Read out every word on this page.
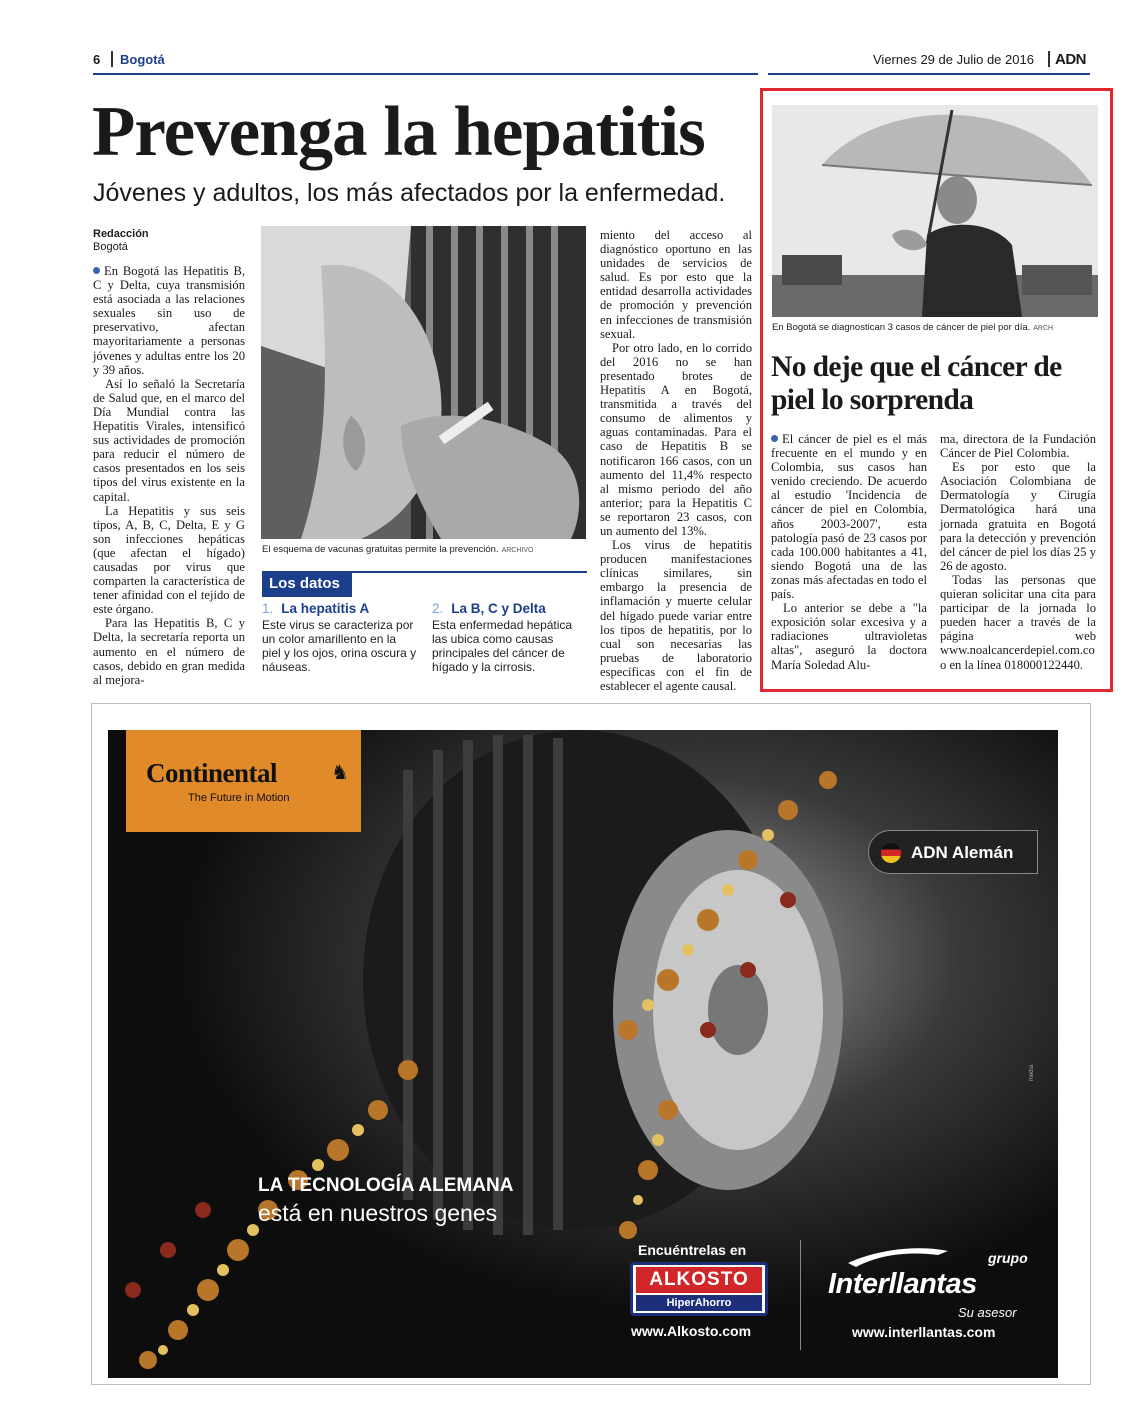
6 Bogotá	Viernes 29 de Julio de 2016 ADN
Prevenga la hepatitis
Jóvenes y adultos, los más afectados por la enfermedad.
Redacción
Bogotá

En Bogotá las Hepatitis B, C y Delta, cuya transmisión está asociada a las relaciones sexuales sin uso de preservativo, afectan mayoritariamente a personas jóvenes y adultas entre los 20 y 39 años.

Así lo señaló la Secretaría de Salud que, en el marco del Día Mundial contra las Hepatitis Virales, intensificó sus actividades de promoción para reducir el número de casos presentados en los seis tipos del virus existente en la capital.

La Hepatitis y sus seis tipos, A, B, C, Delta, E y G son infecciones hepáticas (que afectan el hígado) causadas por virus que comparten la característica de tener afinidad con el tejido de este órgano.

Para las Hepatitis B, C y Delta, la secretaría reporta un aumento en el número de casos, debido en gran medida al mejora-

El esquema de vacunas gratuitas permite la prevención. ARCHIVO
Los datos
1. La hepatitis A

Este virus se caracteriza por un color amarillento en la piel y los ojos, orina oscura y náuseas.

2. La B, C y Delta

Esta enfermedad hepática las ubica como causas principales del cáncer de hígado y la cirrosis.

miento del acceso al diagnóstico oportuno en las unidades de servicios de salud. Es por esto que la entidad desarrolla actividades de promoción y prevención en infecciones de transmisión sexual.

Por otro lado, en lo corrido del 2016 no se han presentado brotes de Hepatitis A en Bogotá, transmitida a través del consumo de alimentos y aguas contaminadas. Para el caso de Hepatitis B se notificaron 166 casos, con un aumento del 11,4% respecto al mismo periodo del año anterior; para la Hepatitis C se reportaron 23 casos, con un aumento del 13%.

Los virus de hepatitis producen manifestaciones clínicas similares, sin embargo la presencia de inflamación y muerte celular del hígado puede variar entre los tipos de hepatitis, por lo cual son necesarias las pruebas de laboratorio específicas con el fin de establecer el agente causal.

En Bogotá se diagnostican 3 casos de cáncer de piel por día. ARCH
No deje que el cáncer de piel lo sorprenda

El cáncer de piel es el más frecuente en el mundo y en Colombia, sus casos han venido creciendo. De acuerdo al estudio 'Incidencia de cáncer de piel en Colombia, años 2003-2007', esta patología pasó de 23 casos por cada 100.000 habitantes a 41, siendo Bogotá una de las zonas más afectadas en todo el país.

Lo anterior se debe a "la exposición solar excesiva y a radiaciones ultravioletas altas", aseguró la doctora María Soledad Alu-

ma, directora de la Fundación Cáncer de Piel Colombia.

Es por esto que la Asociación Colombiana de Dermatología y Cirugía Dermatológica hará una jornada gratuita en Bogotá para la detección y prevención del cáncer de piel los días 25 y 26 de agosto.

Todas las personas que quieran solicitar una cita para participar de la jornada lo pueden hacer a través de la página web www.noalcancerdepiel.com.co o en la línea 018000122440.

Continental	♞
The Future in Motion
ADN Alemán
LA TECNOLOGÍA ALEMANA
está en nuestros genes
media
Encuéntrelas en
ALKOSTO
HiperAhorro
www.Alkosto.com
grupo
Interllantas
Su asesor
www.interllantas.com
